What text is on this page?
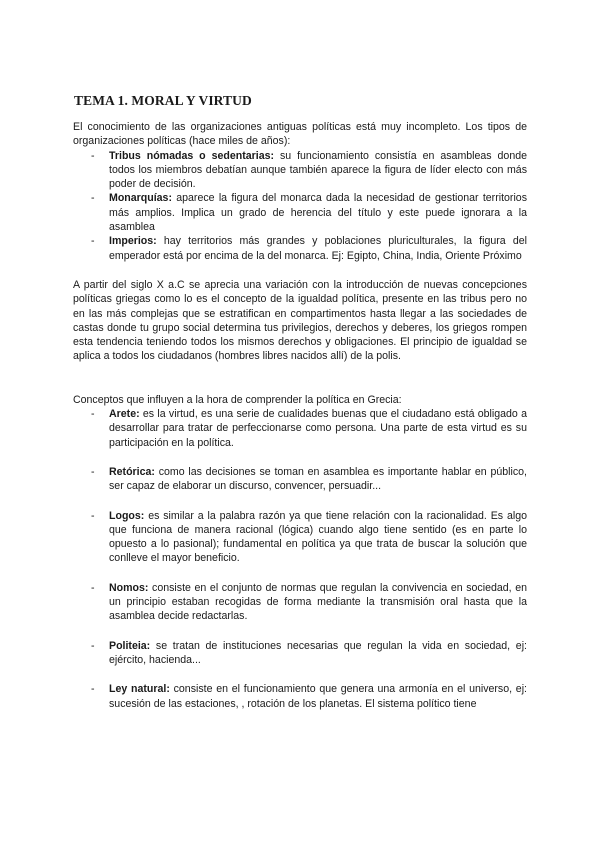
TEMA 1. MORAL Y VIRTUD

El conocimiento de las organizaciones antiguas políticas está muy incompleto. Los tipos de organizaciones políticas (hace miles de años):

- Tribus nómadas o sedentarias: su funcionamiento consistía en asambleas donde todos los miembros debatían aunque también aparece la figura de líder electo con más poder de decisión.
- Monarquías: aparece la figura del monarca dada la necesidad de gestionar territorios más amplios. Implica un grado de herencia del título y este puede ignorara a la asamblea
- Imperios: hay territorios más grandes y poblaciones pluriculturales, la figura del emperador está por encima de la del monarca. Ej: Egipto, China, India, Oriente Próximo

A partir del siglo X a.C se aprecia una variación con la introducción de nuevas concepciones políticas griegas como lo es el concepto de la igualdad política, presente en las tribus pero no en las más complejas que se estratifican en compartimentos hasta llegar a las sociedades de castas donde tu grupo social determina tus privilegios, derechos y deberes, los griegos rompen esta tendencia teniendo todos los mismos derechos y obligaciones. El principio de igualdad se aplica a todos los ciudadanos (hombres libres nacidos allí) de la polis.

Conceptos que influyen a la hora de comprender la política en Grecia:

- Arete: es la virtud, es una serie de cualidades buenas que el ciudadano está obligado a desarrollar para tratar de perfeccionarse como persona. Una parte de esta virtud es su participación en la política.
- Retórica: como las decisiones se toman en asamblea es importante hablar en público, ser capaz de elaborar un discurso, convencer, persuadir...
- Logos: es similar a la palabra razón ya que tiene relación con la racionalidad. Es algo que funciona de manera racional (lógica) cuando algo tiene sentido (es en parte lo opuesto a lo pasional); fundamental en política ya que trata de buscar la solución que conlleve el mayor beneficio.
- Nomos: consiste en el conjunto de normas que regulan la convivencia en sociedad, en un principio estaban recogidas de forma mediante la transmisión oral hasta que la asamblea decide redactarlas.
- Politeia: se tratan de instituciones necesarias que regulan la vida en sociedad, ej: ejército, hacienda...
- Ley natural: consiste en el funcionamiento que genera una armonía en el universo, ej: sucesión de las estaciones, , rotación de los planetas. El sistema político tiene
